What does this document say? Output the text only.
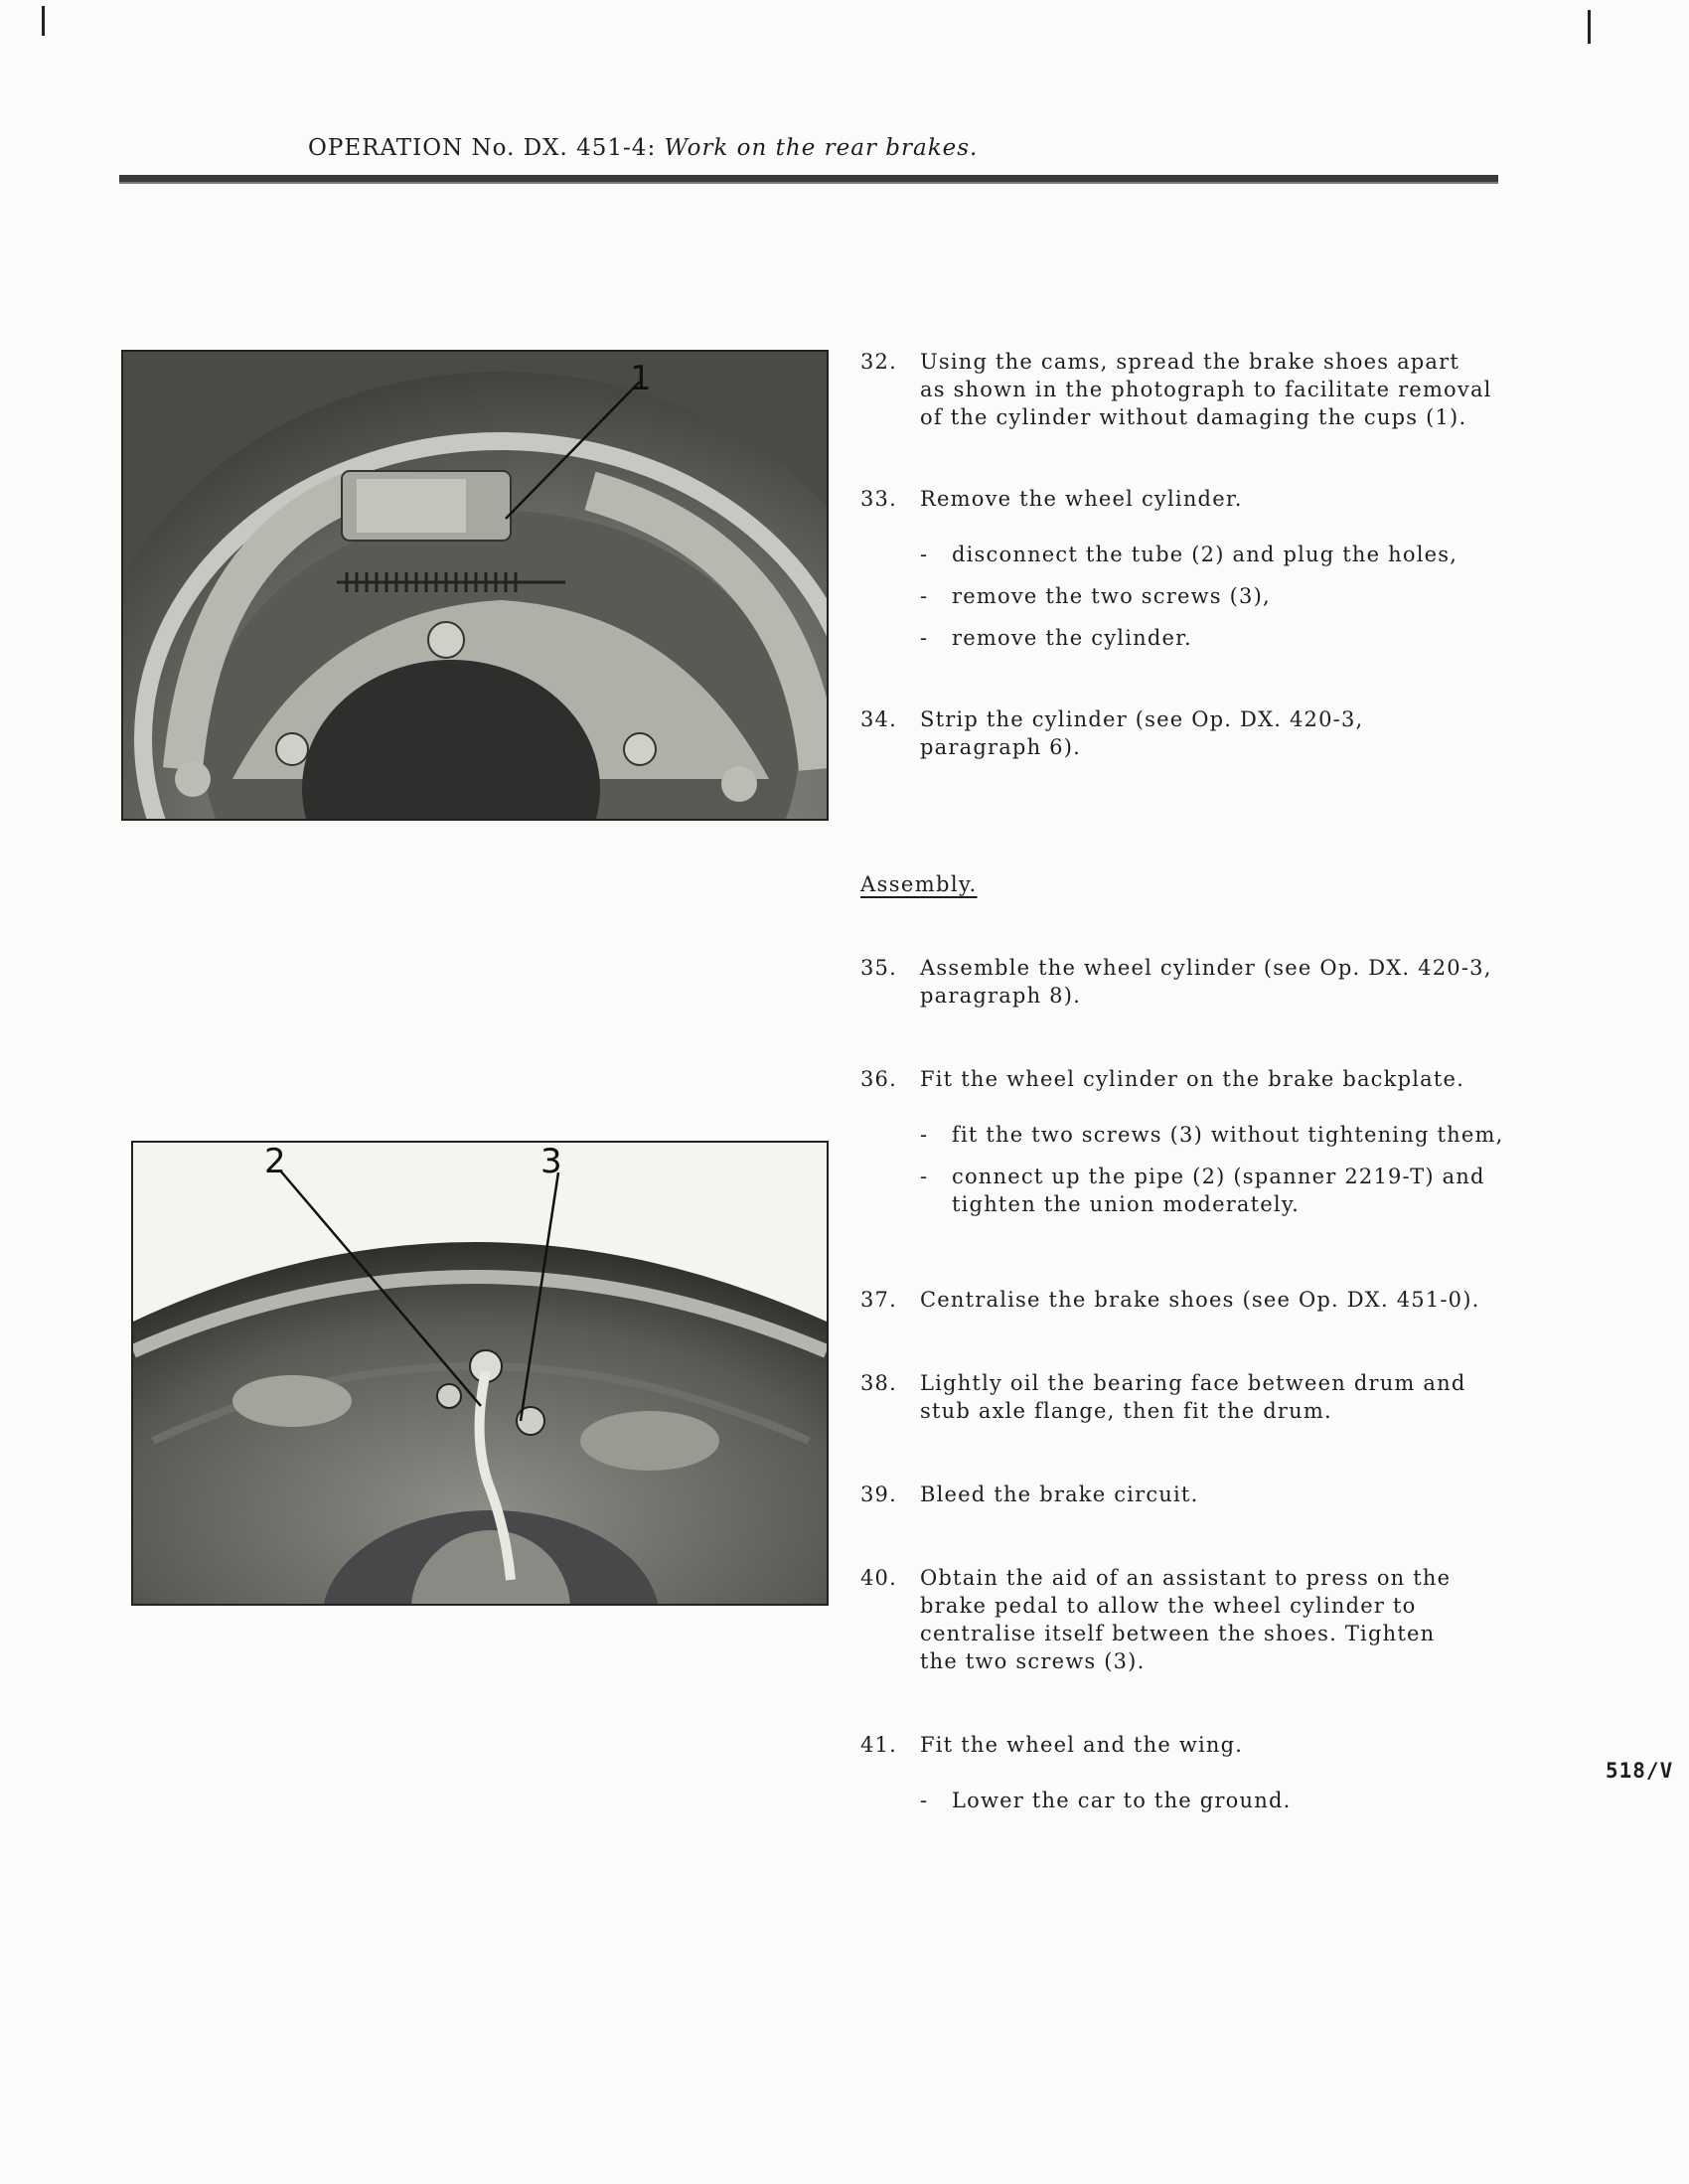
OPERATION No. DX. 451-4: Work on the rear brakes.
1
2	3
32. Using the cams, spread the brake shoes apart
as shown in the photograph to facilitate removal
of the cylinder without damaging the cups (1).
33. Remove the wheel cylinder.
- disconnect the tube (2) and plug the holes,
- remove the two screws (3),
- remove the cylinder.
34. Strip the cylinder (see Op. DX. 420-3,
paragraph 6).
Assembly.
35. Assemble the wheel cylinder (see Op. DX. 420-3,
paragraph 8).
36. Fit the wheel cylinder on the brake backplate.
- fit the two screws (3) without tightening them,
- connect up the pipe (2) (spanner 2219-T) and
tighten the union moderately.
37. Centralise the brake shoes (see Op. DX. 451-0).
38. Lightly oil the bearing face between drum and
stub axle flange, then fit the drum.
39. Bleed the brake circuit.
40. Obtain the aid of an assistant to press on the
brake pedal to allow the wheel cylinder to
centralise itself between the shoes. Tighten
the two screws (3).
41. Fit the wheel and the wing.
- Lower the car to the ground.
518/V
